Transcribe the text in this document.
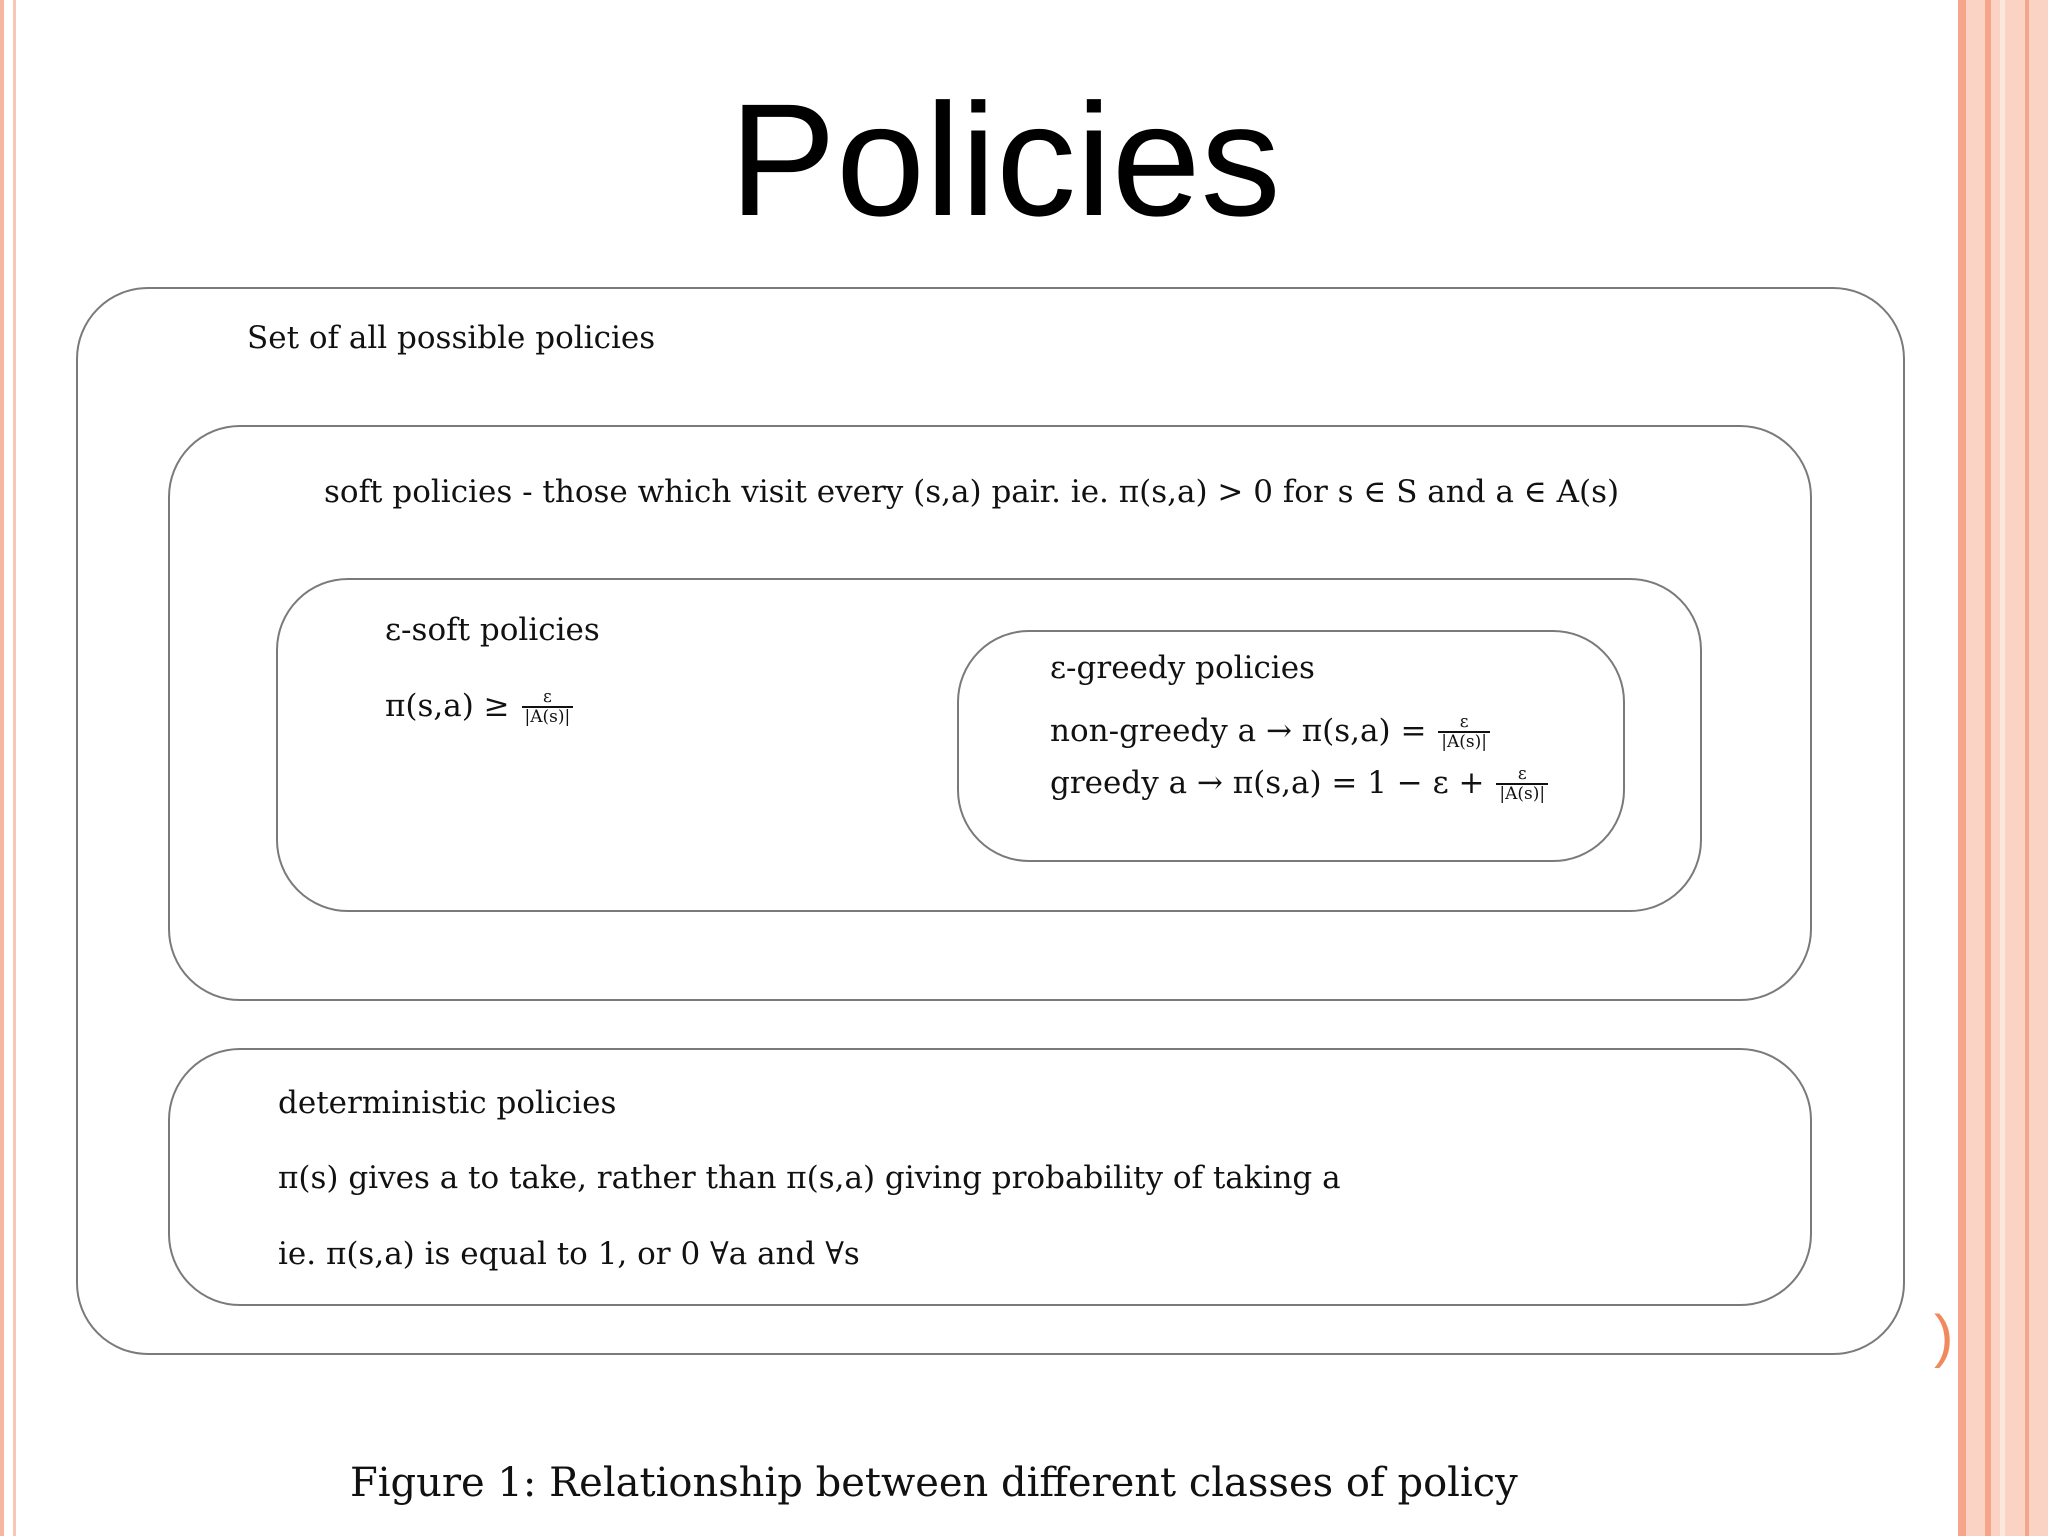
)
Policies
Set of all possible policies
soft policies - those which visit every (s,a) pair. ie. π(s,a) > 0 for s ∈ S and a ∈ A(s)
ε-soft policies
$\pi(s,a) \ge \frac{\varepsilon}{|A(s)|}$
ε-greedy policies
non-greedy $a \to \pi(s,a) = \frac{\varepsilon}{|A(s)|}$
greedy $a \to \pi(s,a) = 1 - \varepsilon + \frac{\varepsilon}{|A(s)|}$
deterministic policies
π(s) gives a to take, rather than π(s,a) giving probability of taking a
ie. π(s,a) is equal to 1, or 0 ∀a and ∀s
Figure 1: Relationship between different classes of policy
